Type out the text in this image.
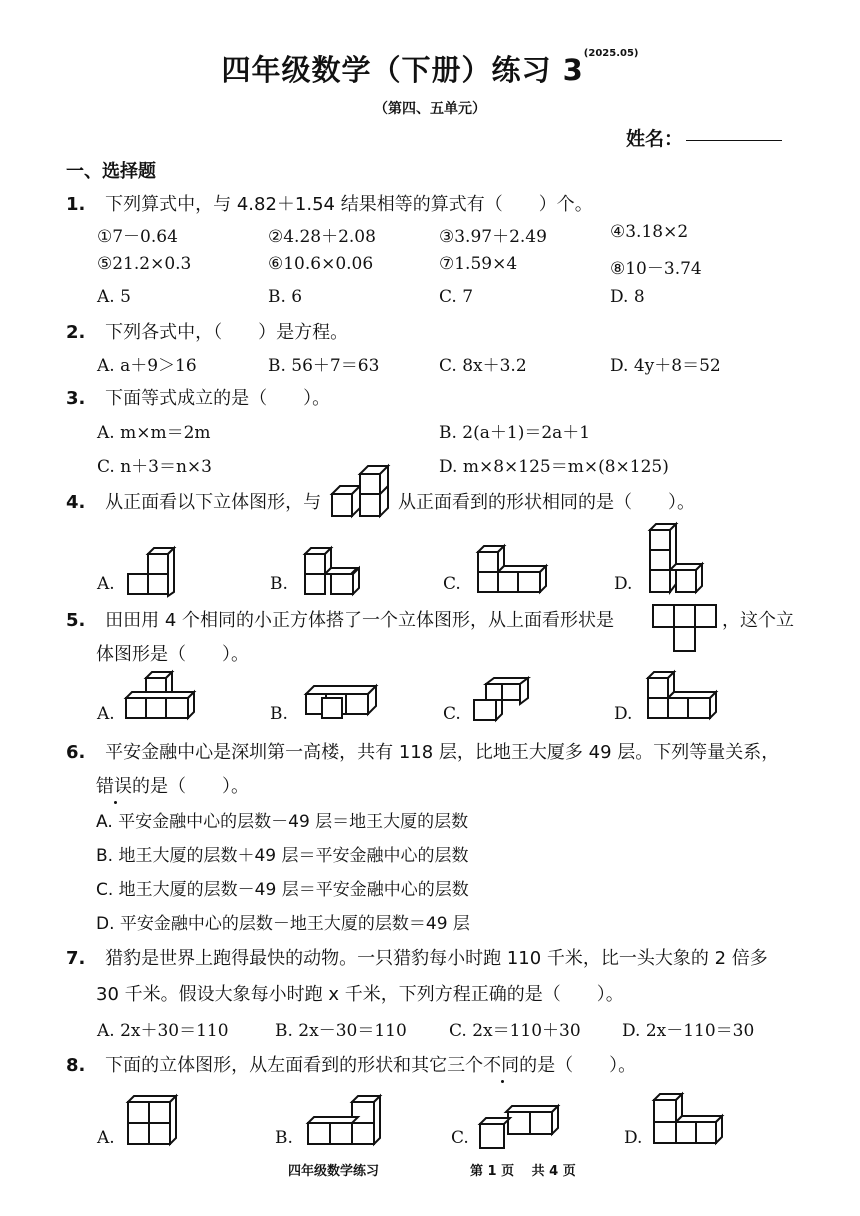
四年级数学（下册）练习 $3^{(2025.05)}$
（第四、五单元）
姓名：
一、选择题
1. 下列算式中，与 4.82＋1.54 结果相等的算式有（　　）个。
①7－0.64	②4.28＋2.08	③3.97＋2.49	④3.18×2
⑤21.2×0.3	⑥10.6×0.06	⑦1.59×4	⑧10－3.74
A. 5	B. 6	C. 7	D. 8
2. 下列各式中，（　　）是方程。
A. a＋9＞16	B. 56＋7＝63	C. 8x＋3.2	D. 4y＋8＝52
3. 下面等式成立的是（　　）。
A. m×m＝2m	B. 2(a＋1)＝2a＋1
C. n＋3＝n×3	D. m×8×125＝m×(8×125)
4. 从正面看以下立体图形，与	从正面看到的形状相同的是（　　）。
A.	B.	C.	D.
5. 田田用 4 个相同的小正方体搭了一个立体图形，从上面看形状是	，这个立
体图形是（　　）。
A.	B.	C.	D.
6. 平安金融中心是深圳第一高楼，共有 118 层，比地王大厦多 49 层。下列等量关系，
错误的是（　　）。
A. 平安金融中心的层数－49 层＝地王大厦的层数
B. 地王大厦的层数＋49 层＝平安金融中心的层数
C. 地王大厦的层数－49 层＝平安金融中心的层数
D. 平安金融中心的层数－地王大厦的层数＝49 层
7. 猎豹是世界上跑得最快的动物。一只猎豹每小时跑 110 千米，比一头大象的 2 倍多
30 千米。假设大象每小时跑 x 千米，下列方程正确的是（　　）。
A. 2x＋30＝110	B. 2x－30＝110 C. 2x＝110＋30 D. 2x－110＝30
8. 下面的立体图形，从左面看到的形状和其它三个不同的是（　　）。
A.	B.	C.	D.
四年级数学练习	第 1 页　 共 4 页
